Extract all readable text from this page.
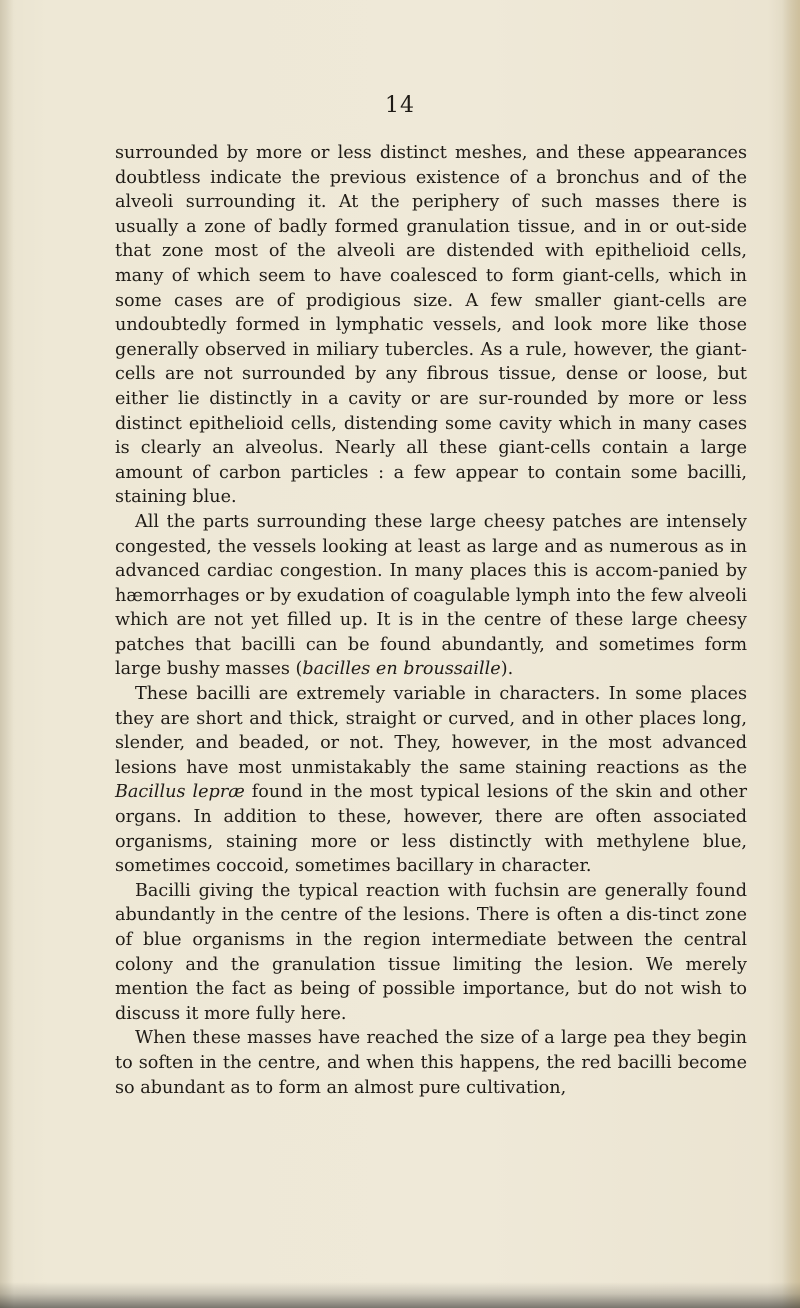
14

surrounded by more or less distinct meshes, and these appearances doubtless indicate the previous existence of a bronchus and of the alveoli surrounding it. At the periphery of such masses there is usually a zone of badly formed granulation tissue, and in or out-side that zone most of the alveoli are distended with epithelioid cells, many of which seem to have coalesced to form giant-cells, which in some cases are of prodigious size. A few smaller giant-cells are undoubtedly formed in lymphatic vessels, and look more like those generally observed in miliary tubercles. As a rule, however, the giant-cells are not surrounded by any fibrous tissue, dense or loose, but either lie distinctly in a cavity or are sur-rounded by more or less distinct epithelioid cells, distending some cavity which in many cases is clearly an alveolus. Nearly all these giant-cells contain a large amount of carbon particles : a few appear to contain some bacilli, staining blue.

All the parts surrounding these large cheesy patches are intensely congested, the vessels looking at least as large and as numerous as in advanced cardiac congestion. In many places this is accom-panied by hæmorrhages or by exudation of coagulable lymph into the few alveoli which are not yet filled up. It is in the centre of these large cheesy patches that bacilli can be found abundantly, and sometimes form large bushy masses (bacilles en broussaille).

These bacilli are extremely variable in characters. In some places they are short and thick, straight or curved, and in other places long, slender, and beaded, or not. They, however, in the most advanced lesions have most unmistakably the same staining reactions as the Bacillus lepræ found in the most typical lesions of the skin and other organs. In addition to these, however, there are often associated organisms, staining more or less distinctly with methylene blue, sometimes coccoid, sometimes bacillary in character.

Bacilli giving the typical reaction with fuchsin are generally found abundantly in the centre of the lesions. There is often a dis-tinct zone of blue organisms in the region intermediate between the central colony and the granulation tissue limiting the lesion. We merely mention the fact as being of possible importance, but do not wish to discuss it more fully here.

When these masses have reached the size of a large pea they begin to soften in the centre, and when this happens, the red bacilli become so abundant as to form an almost pure cultivation,
